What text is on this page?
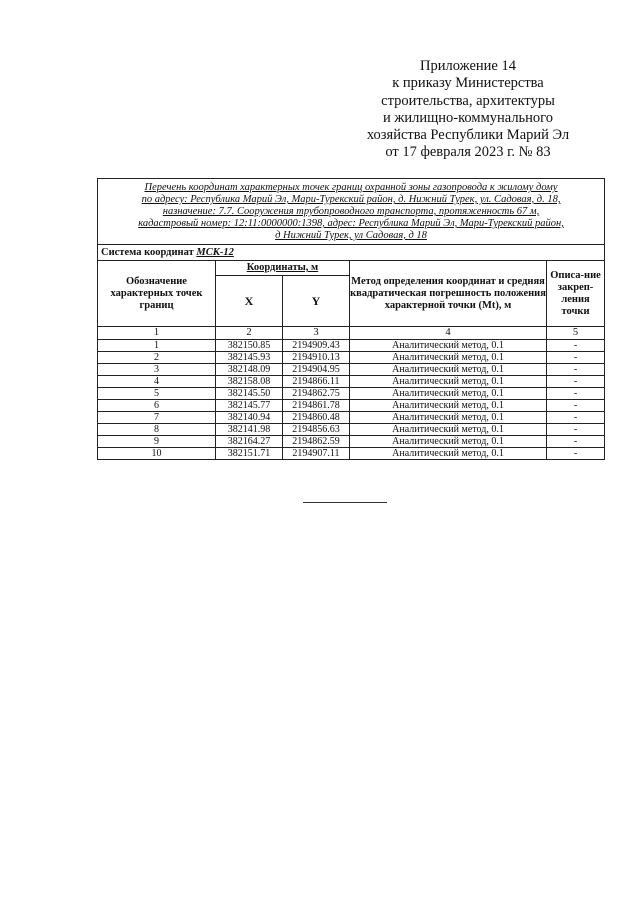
Приложение 14
к приказу Министерства
строительства, архитектуры
и жилищно-коммунального
хозяйства Республики Марий Эл
от 17 февраля 2023 г. № 83
Перечень координат характерных точек границ охранной зоны газопровода к жилому дому
по адресу: Республика Марий Эл, Мари-Турекский район, д. Нижний Турек, ул. Садовая, д. 18,
назначение: 7.7. Сооружения трубопроводного транспорта, протяженность 67 м,
кадастровый номер: 12:11:0000000:1398, адрес: Республика Марий Эл, Мари-Турекский район,
д Нижний Турек, ул Садовая, д 18				

Система координат МСК-12				
Обозначение характерных точек границ	Координаты, м		Метод определения координат и средняя квадратическая погрешность положения характерной точки (Mt), м	Описа-ние закреп-ления точки
	X	Y		
1	2	3	4	5
1	382150.85	2194909.43	Аналитический метод, 0.1	-
2	382145.93	2194910.13	Аналитический метод, 0.1	-
3	382148.09	2194904.95	Аналитический метод, 0.1	-
4	382158.08	2194866.11	Аналитический метод, 0.1	-
5	382145.50	2194862.75	Аналитический метод, 0.1	-
6	382145.77	2194861.78	Аналитический метод, 0.1	-
7	382140.94	2194860.48	Аналитический метод, 0.1	-
8	382141.98	2194856.63	Аналитический метод, 0.1	-
9	382164.27	2194862.59	Аналитический метод, 0.1	-
10	382151.71	2194907.11	Аналитический метод, 0.1	-
